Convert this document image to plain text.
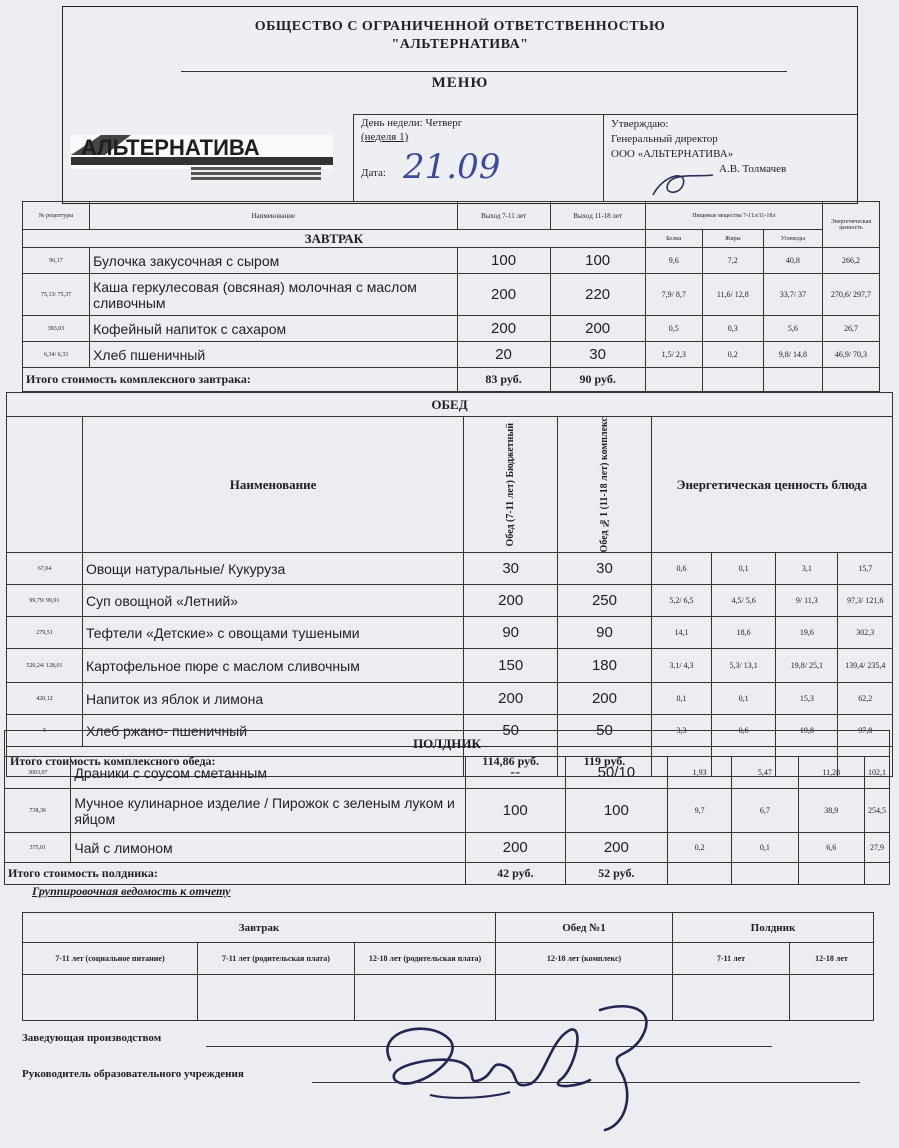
ОБЩЕСТВО С ОГРАНИЧЕННОЙ ОТВЕТСТВЕННОСТЬЮ
"АЛЬТЕРНАТИВА"
МЕНЮ
АЛЬТЕРНАТИВА
День недели: Четверг
(неделя 1)
Дата: 21.09
Утверждаю:
Генеральный директор
ООО «АЛЬТЕРНАТИВА»
А.В. Толмачев
№ рецептуры	Наименование	Выход 7-11 лет	Выход 11-18 лет	Пищевые вещества 7-11л/11-18л			Энергетическая ценность
ЗАВТРАК				Белки	Жиры	Углеводы	
96,17	Булочка закусочная с сыром	100	100	9,6	7,2	40,8	266,2
75,13/ 75,37	Каша геркулесовая (овсяная) молочная с маслом сливочным	200	220	7,9/ 8,7	11,6/ 12,8	33,7/ 37	270,6/ 297,7
383,03	Кофейный напиток с сахаром	200	200	0,5	0,3	5,6	26,7
6,34/ 6,33	Хлеб пшеничный	20	30	1,5/ 2,3	0,2	9,8/ 14,8	46,9/ 70,3
Итого стоимость комплексного завтрака:		83 руб.	90 руб.				
ОБЕД							
	Наименование	Обед (7-11 лет) Бюджетный	Обед №1 (11-18 лет) комплекс	Энергетическая ценность блюда			
67,04	Овощи натуральные/ Кукуруза	30	30	0,6	0,1	3,1	15,7
99,79/ 99,91	Суп овощной «Летний»	200	250	5,2/ 6,5	4,5/ 5,6	9/ 11,3	97,3/ 121,6
279,51	Тефтели «Детские» с овощами тушеными	90	90	14,1	18,6	19,6	302,3
520,24/ 128,01	Картофельное пюре с маслом сливочным	150	180	3,1/ 4,3	5,3/ 13,1	19,8/ 25,1	139,4/ 235,4
420,12	Напиток из яблок и лимона	200	200	0,1	0,1	15,3	62,2
5	Хлеб ржано- пшеничный	50	50	3,3	0,6	19,8	97,8
Итого стоимость комплексного обеда:		114,86 руб.	119 руб.				
ПОЛДНИК							
3003,07	Драники с соусом сметанным	--	50/10	1,93	5,47	11,28	102,1
738,36	Мучное кулинарное изделие / Пирожок с зеленым луком и яйцом	100	100	9,7	6,7	38,9	254,5
375,01	Чай с лимоном	200	200	0,2	0,1	6,6	27,9
Итого стоимость полдника:		42 руб.	52 руб.				
Группировочная ведомость к отчету
Завтрак			Обед №1	Полдник	
7-11 лет (социальное питание)	7-11 лет (родительская плата)	12-18 лет (родительская плата)	12-18 лет (комплекс)	7-11 лет	12-18 лет

Заведующая производством
Руководитель образовательного учреждения
